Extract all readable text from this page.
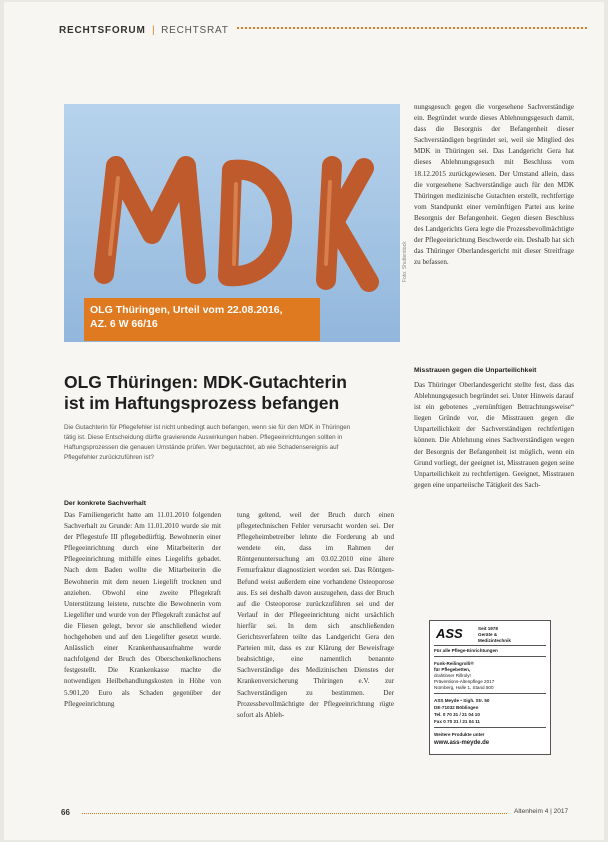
RECHTSFORUM | RECHTSRAT
OLG Thüringen, Urteil vom 22.08.2016,
AZ. 6 W 66/16
Foto: Shutterstock
OLG Thüringen: MDK-Gutachterin
ist im Haftungsprozess befangen

Die Gutachterin für Pflegefehler ist nicht unbedingt auch befangen, wenn sie für den MDK in Thüringen tätig ist. Diese Entscheidung dürfte gravierende Auswirkungen haben. Pflegeeinrichtungen sollten in Haftungsprozessen die genauen Umstände prüfen. Wer begutachtet, ab wie Schadensereignis auf Pflegefehler zurückzuführen ist?

Der konkrete Sachverhalt

Das Familiengericht hatte am 11.01.2010 folgenden Sachverhalt zu Grunde: Am 11.01.2010 wurde sie mit der Pflegestufe III pflegebedürftig. Bewohnerin einer Pflegeeinrichtung durch eine Mitarbeiterin der Pflegeeinrichtung mithilfe eines Liegelifts gebadet. Nach dem Baden wollte die Mitarbeiterin die Bewohnerin mit dem neuen Liegelift trocknen und anziehen. Obwohl eine zweite Pflegekraft Unterstützung leistete, rutschte die Bewohnerin vom Liegelifter und wurde von der Pflegekraft zunächst auf die Fliesen gelegt, bevor sie anschließend wieder hochgehoben und auf den Liegelifter gesetzt wurde. Anlässlich einer Krankenhausaufnahme wurde nachfolgend der Bruch des Oberschenkelknochens festgestellt. Die Krankenkasse machte die notwendigen Heilbehandlungskosten in Höhe von 5.901,20 Euro als Schaden gegenüber der Pflegeeinrichtung

tung geltend, weil der Bruch durch einen pflegetechnischen Fehler verursacht worden sei. Der Pflegeheimbetreiber lehnte die Forderung ab und wendete ein, dass im Rahmen der Röntgenuntersuchung am 03.02.2010 eine ältere Femurfraktur diagnostiziert worden sei. Das Röntgen-Befund weist außerdem eine vorhandene Osteoporose aus. Es sei deshalb davon auszugehen, dass der Bruch auf die Osteoporose zurückzuführen sei und der Verlauf in der Pflegeeinrichtung nicht ursächlich hierfür sei. In dem sich anschließenden Gerichtsverfahren teilte das Landgericht Gera den Parteien mit, dass es zur Klärung der Beweisfrage beabsichtige, eine namentlich benannte Sachverständige des Medizinischen Dienstes der Krankenversicherung Thüringen e.V. zur Sachverständigen zu bestimmen. Der Prozessbevollmächtigte der Pflegeeinrichtung rügte sofort als Ableh-

nungsgesuch gegen die vorgesehene Sachverständige ein. Begründet wurde dieses Ablehnungsgesuch damit, dass die Besorgnis der Befangenheit dieser Sachverständigen begründet sei, weil sie Mitglied des MDK in Thüringen sei. Das Landgericht Gera hat dieses Ablehnungsgesuch mit Beschluss vom 18.12.2015 zurückgewiesen. Der Umstand allein, dass die vorgesehene Sachverständige auch für den MDK Thüringen medizinische Gutachten erstellt, rechtfertige vom Standpunkt einer vernünftigen Partei aus keine Besorgnis der Befangenheit. Gegen diesen Beschluss des Landgerichts Gera legte die Prozessbevollmächtigte der Pflegeeinrichtung Beschwerde ein. Deshalb hat sich das Thüringer Oberlandesgericht mit dieser Streitfrage zu befassen.

Misstrauen gegen die Unparteilichkeit

Das Thüringer Oberlandesgericht stellte fest, dass das Ablehnungsgesuch begründet sei. Unter Hinweis darauf ist ein gebotenes „vernünftigen Betrachtungsweise“ liegen Gründe vor, die Misstrauen gegen die Unparteilichkeit der Sachverständigen rechtfertigen können. Die Ablehnung eines Sachverständigen wegen der Besorgnis der Befangenheit ist möglich, wenn ein Grund vorliegt, der geeignet ist, Misstrauen gegen seine Unparteilichkeit zu rechtfertigen. Geeignet, Misstrauen gegen eine unparteiische Tätigkeit des Sach-

ASS	Seit 1978
Geräte &
Medizintechnik
Für alle Pflege-Einrichtungen
Funk-Reilingrolli®
für Pflegebetten,
drahtloser Rillroly!
Präventions-Altenpflege 2017
Nürnberg, Halle 1, Stand 500
ASS Meyde • Sigh. Str. 50
DE-71032 Böblingen
Tel. 0 70 31 / 21 04 10
Fax 0 70 31 / 21 04 11
Weitere Produkte unter
www.ass-meyde.de
66	Altenheim 4 | 2017
